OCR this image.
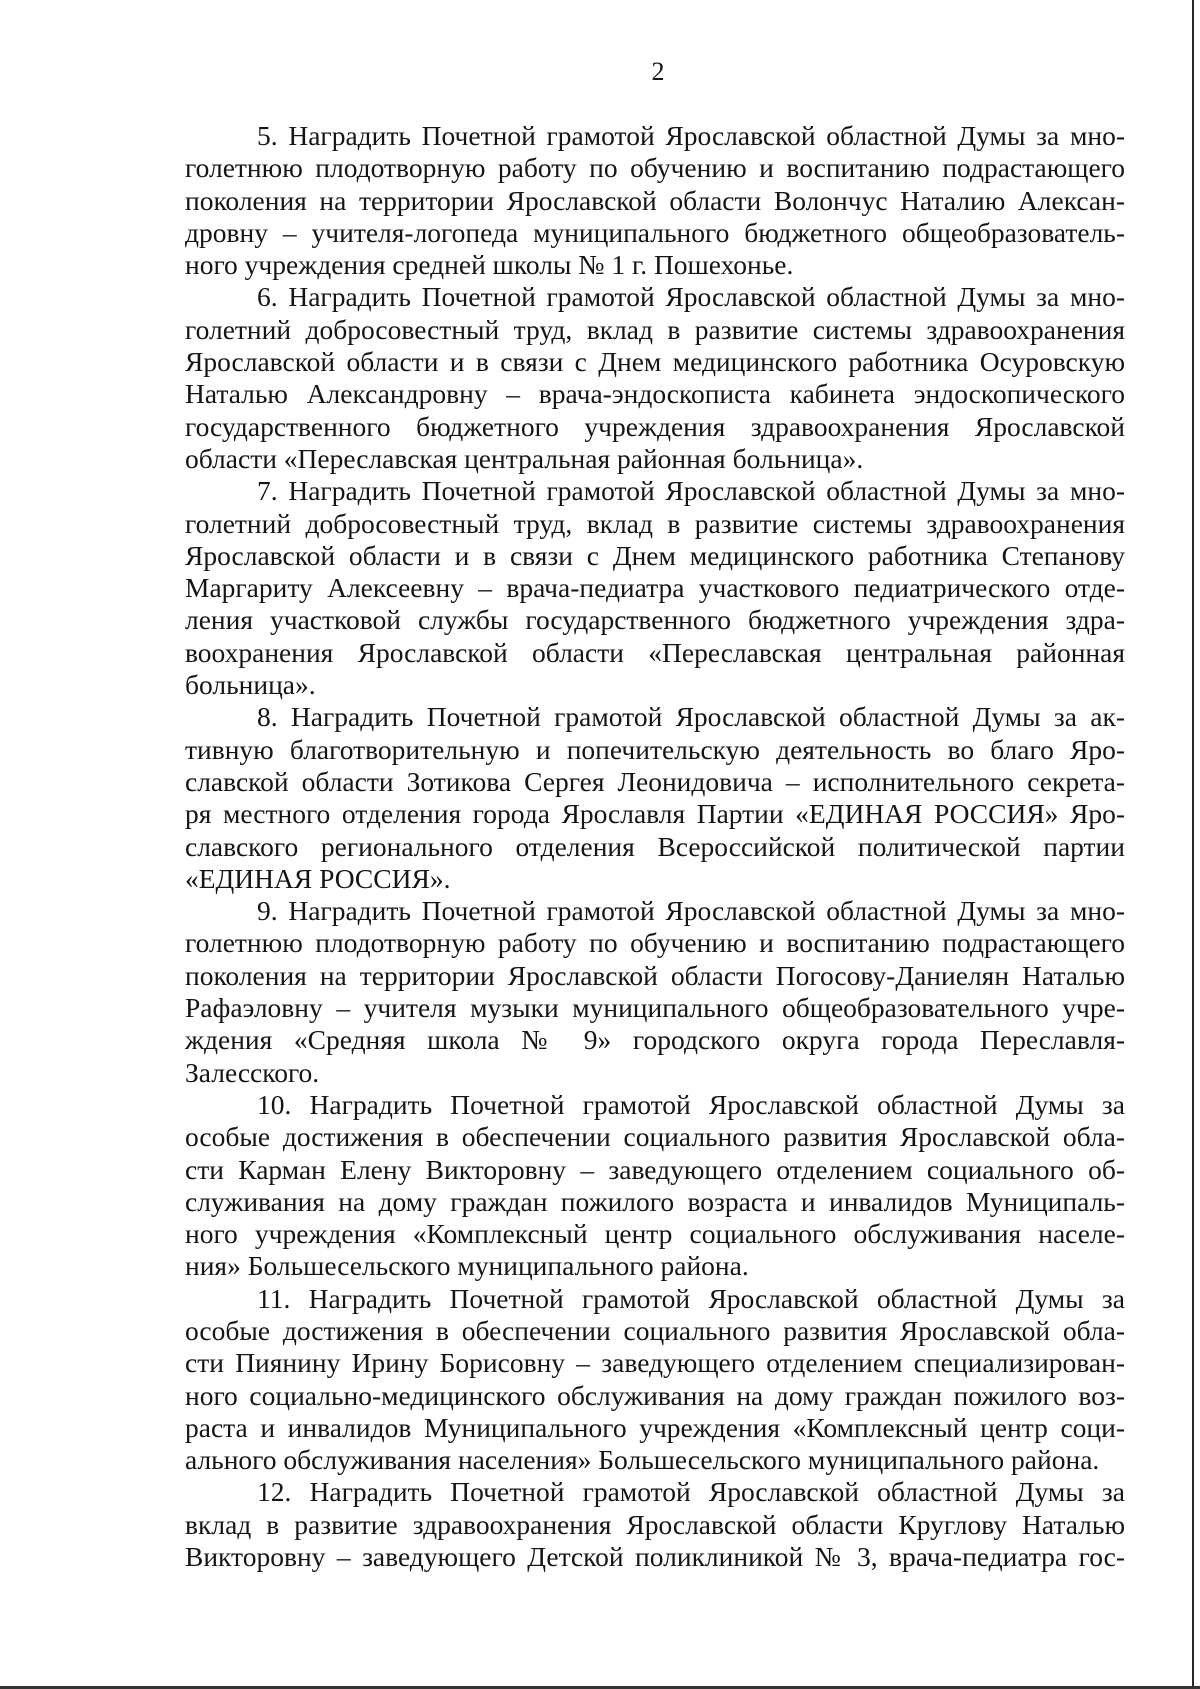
2
5. Наградить Почетной грамотой Ярославской областной Думы за мно-
голетнюю плодотворную работу по обучению и воспитанию подрастающего
поколения на территории Ярославской области Волончус Наталию Алексан-
дровну – учителя-логопеда муниципального бюджетного общеобразователь-
ного учреждения средней школы № 1 г. Пошехонье.
6. Наградить Почетной грамотой Ярославской областной Думы за мно-
голетний добросовестный труд, вклад в развитие системы здравоохранения
Ярославской области и в связи с Днем медицинского работника Осуровскую
Наталью Александровну – врача-эндоскописта кабинета эндоскопического
государственного бюджетного учреждения здравоохранения Ярославской
области «Переславская центральная районная больница».
7. Наградить Почетной грамотой Ярославской областной Думы за мно-
голетний добросовестный труд, вклад в развитие системы здравоохранения
Ярославской области и в связи с Днем медицинского работника Степанову
Маргариту Алексеевну – врача-педиатра участкового педиатрического отде-
ления участковой службы государственного бюджетного учреждения здра-
воохранения Ярославской области «Переславская центральная районная
больница».
8. Наградить Почетной грамотой Ярославской областной Думы за ак-
тивную благотворительную и попечительскую деятельность во благо Яро-
славской области Зотикова Сергея Леонидовича – исполнительного секрета-
ря местного отделения города Ярославля Партии «ЕДИНАЯ РОССИЯ» Яро-
славского регионального отделения Всероссийской политической партии
«ЕДИНАЯ РОССИЯ».
9. Наградить Почетной грамотой Ярославской областной Думы за мно-
голетнюю плодотворную работу по обучению и воспитанию подрастающего
поколения на территории Ярославской области Погосову-Даниелян Наталью
Рафаэловну – учителя музыки муниципального общеобразовательного учре-
ждения «Средняя школа № 9» городского округа города Переславля-
Залесского.
10. Наградить Почетной грамотой Ярославской областной Думы за
особые достижения в обеспечении социального развития Ярославской обла-
сти Карман Елену Викторовну – заведующего отделением социального об-
служивания на дому граждан пожилого возраста и инвалидов Муниципаль-
ного учреждения «Комплексный центр социального обслуживания населе-
ния» Большесельского муниципального района.
11. Наградить Почетной грамотой Ярославской областной Думы за
особые достижения в обеспечении социального развития Ярославской обла-
сти Пиянину Ирину Борисовну – заведующего отделением специализирован-
ного социально-медицинского обслуживания на дому граждан пожилого воз-
раста и инвалидов Муниципального учреждения «Комплексный центр соци-
ального обслуживания населения» Большесельского муниципального района.
12. Наградить Почетной грамотой Ярославской областной Думы за
вклад в развитие здравоохранения Ярославской области Круглову Наталью
Викторовну – заведующего Детской поликлиникой № 3, врача-педиатра гос-
